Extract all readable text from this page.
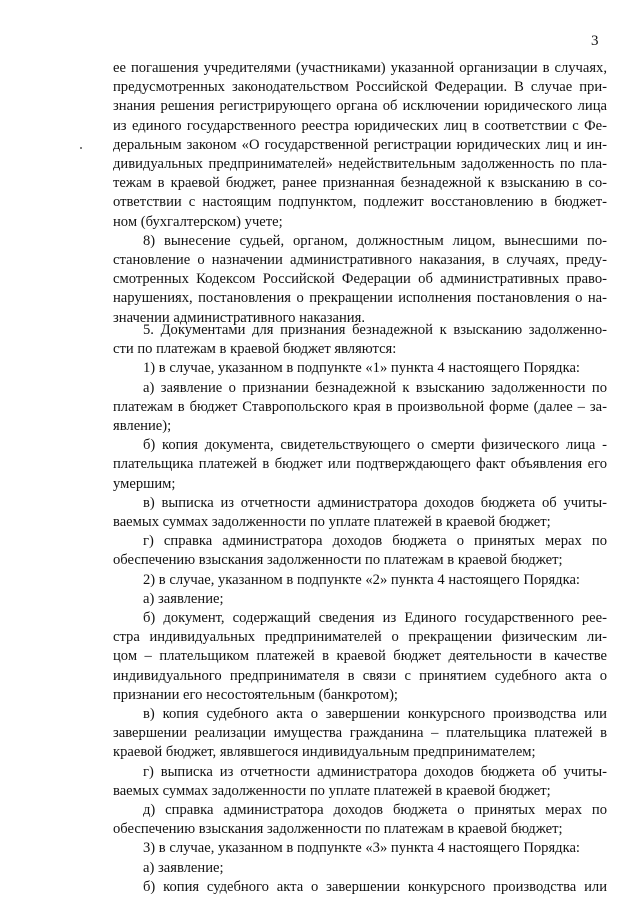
3
ее погашения учредителями (участниками) указанной организации в случаях,
предусмотренных законодательством Российской Федерации. В случае при-
знания решения регистрирующего органа об исключении юридического лица
из единого государственного реестра юридических лиц в соответствии с Фе-
деральным законом «О государственной регистрации юридических лиц и ин-
дивидуальных предпринимателей» недействительным задолженность по пла-
тежам в краевой бюджет, ранее признанная безнадежной к взысканию в со-
ответствии с настоящим подпунктом, подлежит восстановлению в бюджет-
ном (бухгалтерском) учете;
8) вынесение судьей, органом, должностным лицом, вынесшими по-
становление о назначении административного наказания, в случаях, преду-
смотренных Кодексом Российской Федерации об административных право-
нарушениях, постановления о прекращении исполнения постановления о на-
значении административного наказания.
5. Документами для признания безнадежной к взысканию задолженно-
сти по платежам в краевой бюджет являются:
1) в случае, указанном в подпункте «1» пункта 4 настоящего Порядка:
а) заявление о признании безнадежной к взысканию задолженности по
платежам в бюджет Ставропольского края в произвольной форме (далее – за-
явление);
б) копия документа, свидетельствующего о смерти физического лица -
плательщика платежей в бюджет или подтверждающего факт объявления его
умершим;
в) выписка из отчетности администратора доходов бюджета об учиты-
ваемых суммах задолженности по уплате платежей в краевой бюджет;
г) справка администратора доходов бюджета о принятых мерах по
обеспечению взыскания задолженности по платежам в краевой бюджет;
2) в случае, указанном в подпункте «2» пункта 4 настоящего Порядка:
а) заявление;
б) документ, содержащий сведения из Единого государственного рее-
стра индивидуальных предпринимателей о прекращении физическим ли-
цом – плательщиком платежей в краевой бюджет деятельности в качестве
индивидуального предпринимателя в связи с принятием судебного акта о
признании его несостоятельным (банкротом);
в) копия судебного акта о завершении конкурсного производства или
завершении реализации имущества гражданина – плательщика платежей в
краевой бюджет, являвшегося индивидуальным предпринимателем;
г) выписка из отчетности администратора доходов бюджета об учиты-
ваемых суммах задолженности по уплате платежей в краевой бюджет;
д) справка администратора доходов бюджета о принятых мерах по
обеспечению взыскания задолженности по платежам в краевой бюджет;
3) в случае, указанном в подпункте «3» пункта 4 настоящего Порядка:
а) заявление;
б) копия судебного акта о завершении конкурсного производства или
